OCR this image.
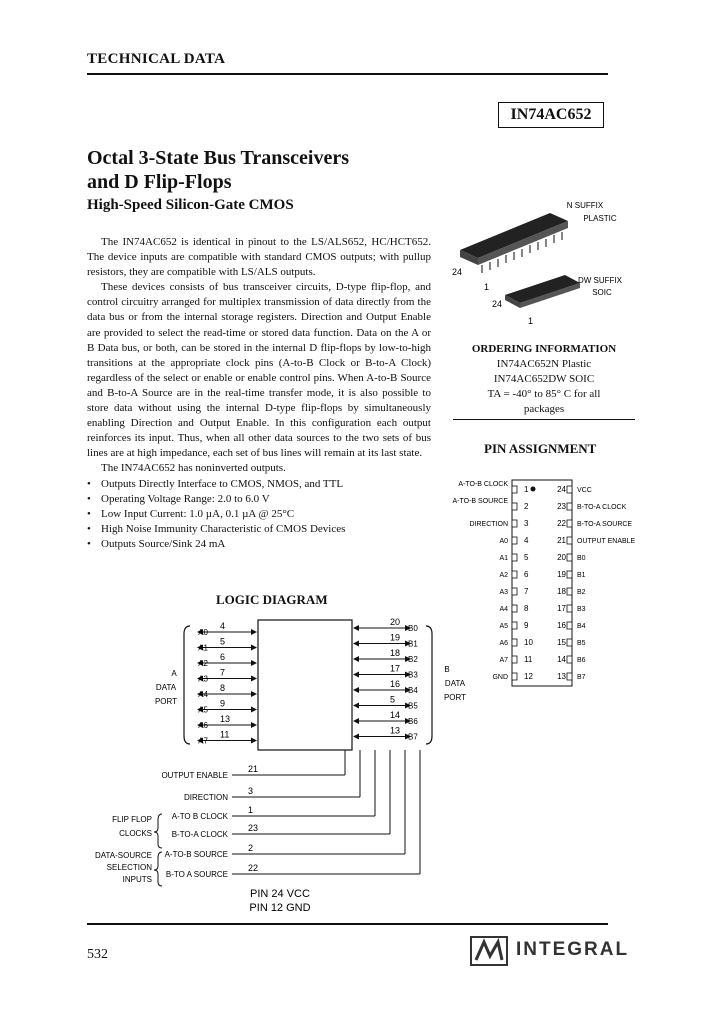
TECHNICAL DATA
IN74AC652
Octal 3-State Bus Transceivers
and D Flip-Flops
High-Speed Silicon-Gate CMOS

The IN74AC652 is identical in pinout to the LS/ALS652, HC/HCT652. The device inputs are compatible with standard CMOS outputs; with pullup resistors, they are compatible with LS/ALS outputs.

These devices consists of bus transceiver circuits, D-type flip-flop, and control circuitry arranged for multiplex transmission of data directly from the data bus or from the internal storage registers. Direction and Output Enable are provided to select the read-time or stored data function. Data on the A or B Data bus, or both, can be stored in the internal D flip-flops by low-to-high transitions at the appropriate clock pins (A-to-B Clock or B-to-A Clock) regardless of the select or enable or enable control pins. When A-to-B Source and B-to-A Source are in the real-time transfer mode, it is also possible to store data without using the internal D-type flip-flops by simultaneously enabling Direction and Output Enable. In this configuration each output reinforces its input. Thus, when all other data sources to the two sets of bus lines are at high impedance, each set of bus lines will remain at its last state.

The IN74AC652 has noninverted outputs.

• Outputs Directly Interface to CMOS, NMOS, and TTL
• Operating Voltage Range: 2.0 to 6.0 V
• Low Input Current: 1.0 µA, 0.1 µA @ 25°C
• High Noise Immunity Characteristic of CMOS Devices
• Outputs Source/Sink 24 mA
N SUFFIX
PLASTIC
DW SUFFIX
SOIC
24
1
24
1
ORDERING INFORMATION
IN74AC652N Plastic
IN74AC652DW SOIC
TA = -40° to 85° C for all
packages
PIN ASSIGNMENT
A-TO-B CLOCK
1
A-TO-B SOURCE
2
DIRECTION 3
A0 4
A1 5
A2 6
A3 7
A4 8
A5 9
A6 10
A7 11
GND 12
24 VCC
23 B-TO-A CLOCK
22 B-TO-A SOURCE
21 OUTPUT ENABLE
20 B0
19 B1
18 B2
17 B3
16 B4
15 B5
14 B6
13 B7
LOGIC DIAGRAM
A0
4
A1
5
A2
6
A3
7
A4
8
A5
9
A6
13
A7
11
20
B0
19
B1
18
B2
17
B3
16
B4
5
B5
14
B6
13
B7
OUTPUT ENABLE
21
DIRECTION
3
A-TO B CLOCK
1
B-TO-A CLOCK
23
A-TO-B SOURCE
2
B-TO A SOURCE
22
A
DATA
PORT
B
DATA
PORT
FLIP FLOP
CLOCKS
DATA-SOURCE
SELECTION
INPUTS
PIN 24 VCC
PIN 12 GND
532	INTEGRAL
